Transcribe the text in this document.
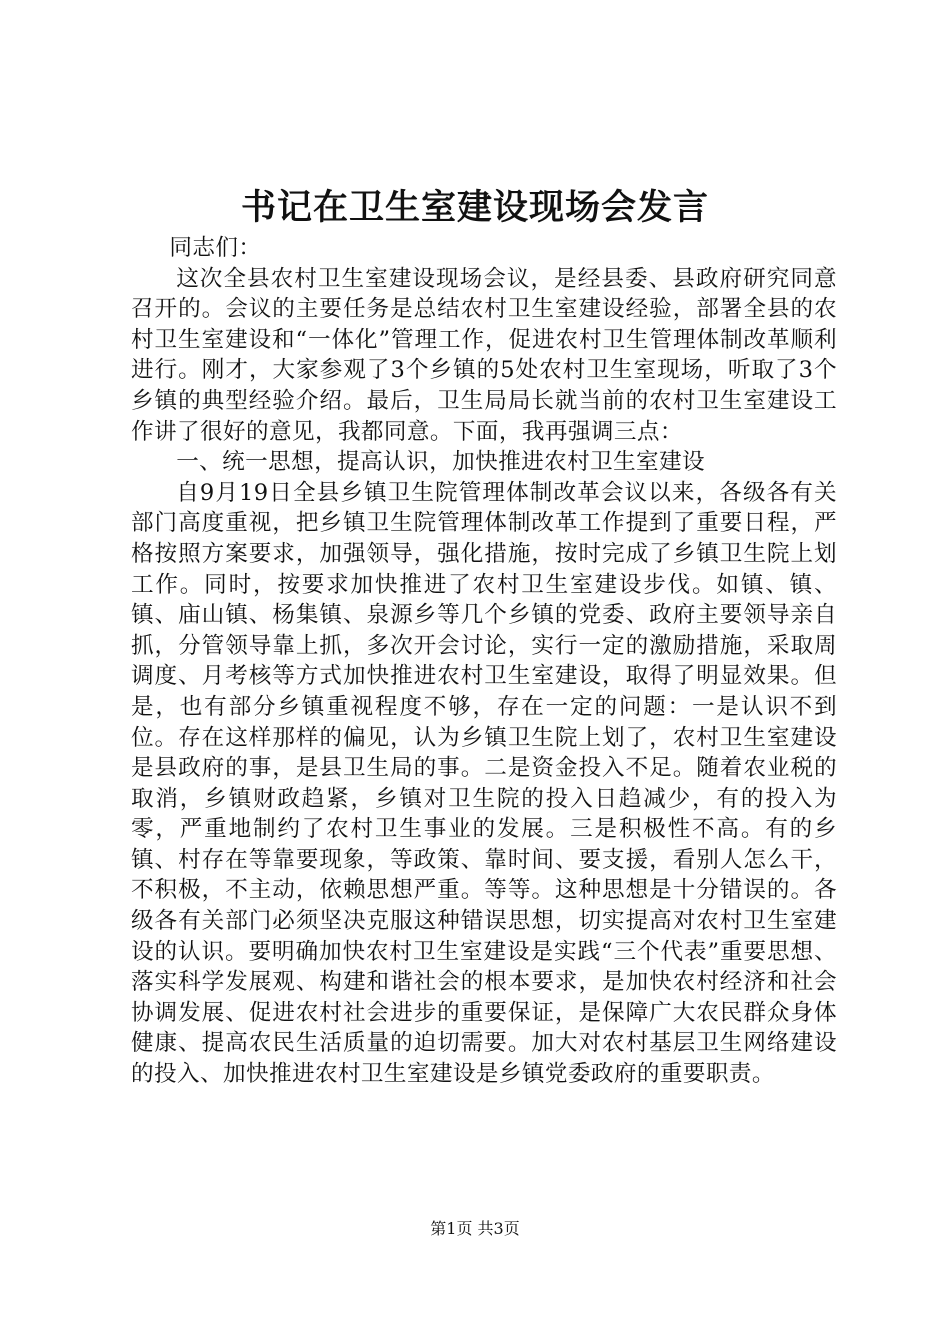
书记在卫生室建设现场会发言

同志们：

这次全县农村卫生室建设现场会议，是经县委、县政府研究同意召开的。会议的主要任务是总结农村卫生室建设经验，部署全县的农村卫生室建设和“一体化”管理工作，促进农村卫生管理体制改革顺利进行。刚才，大家参观了3个乡镇的5处农村卫生室现场，听取了3个乡镇的典型经验介绍。最后，卫生局局长就当前的农村卫生室建设工作讲了很好的意见，我都同意。下面，我再强调三点：

一、统一思想，提高认识，加快推进农村卫生室建设

自9月19日全县乡镇卫生院管理体制改革会议以来，各级各有关部门高度重视，把乡镇卫生院管理体制改革工作提到了重要日程，严格按照方案要求，加强领导，强化措施，按时完成了乡镇卫生院上划工作。同时，按要求加快推进了农村卫生室建设步伐。如镇、镇、镇、庙山镇、杨集镇、泉源乡等几个乡镇的党委、政府主要领导亲自抓，分管领导靠上抓，多次开会讨论，实行一定的激励措施，采取周调度、月考核等方式加快推进农村卫生室建设，取得了明显效果。但是，也有部分乡镇重视程度不够，存在一定的问题：一是认识不到位。存在这样那样的偏见，认为乡镇卫生院上划了，农村卫生室建设是县政府的事，是县卫生局的事。二是资金投入不足。随着农业税的取消，乡镇财政趋紧，乡镇对卫生院的投入日趋减少，有的投入为零，严重地制约了农村卫生事业的发展。三是积极性不高。有的乡镇、村存在等靠要现象，等政策、靠时间、要支援，看别人怎么干，不积极，不主动，依赖思想严重。等等。这种思想是十分错误的。各级各有关部门必须坚决克服这种错误思想，切实提高对农村卫生室建设的认识。要明确加快农村卫生室建设是实践“三个代表”重要思想、落实科学发展观、构建和谐社会的根本要求，是加快农村经济和社会协调发展、促进农村社会进步的重要保证，是保障广大农民群众身体健康、提高农民生活质量的迫切需要。加大对农村基层卫生网络建设的投入、加快推进农村卫生室建设是乡镇党委政府的重要职责。

第1页 共3页
